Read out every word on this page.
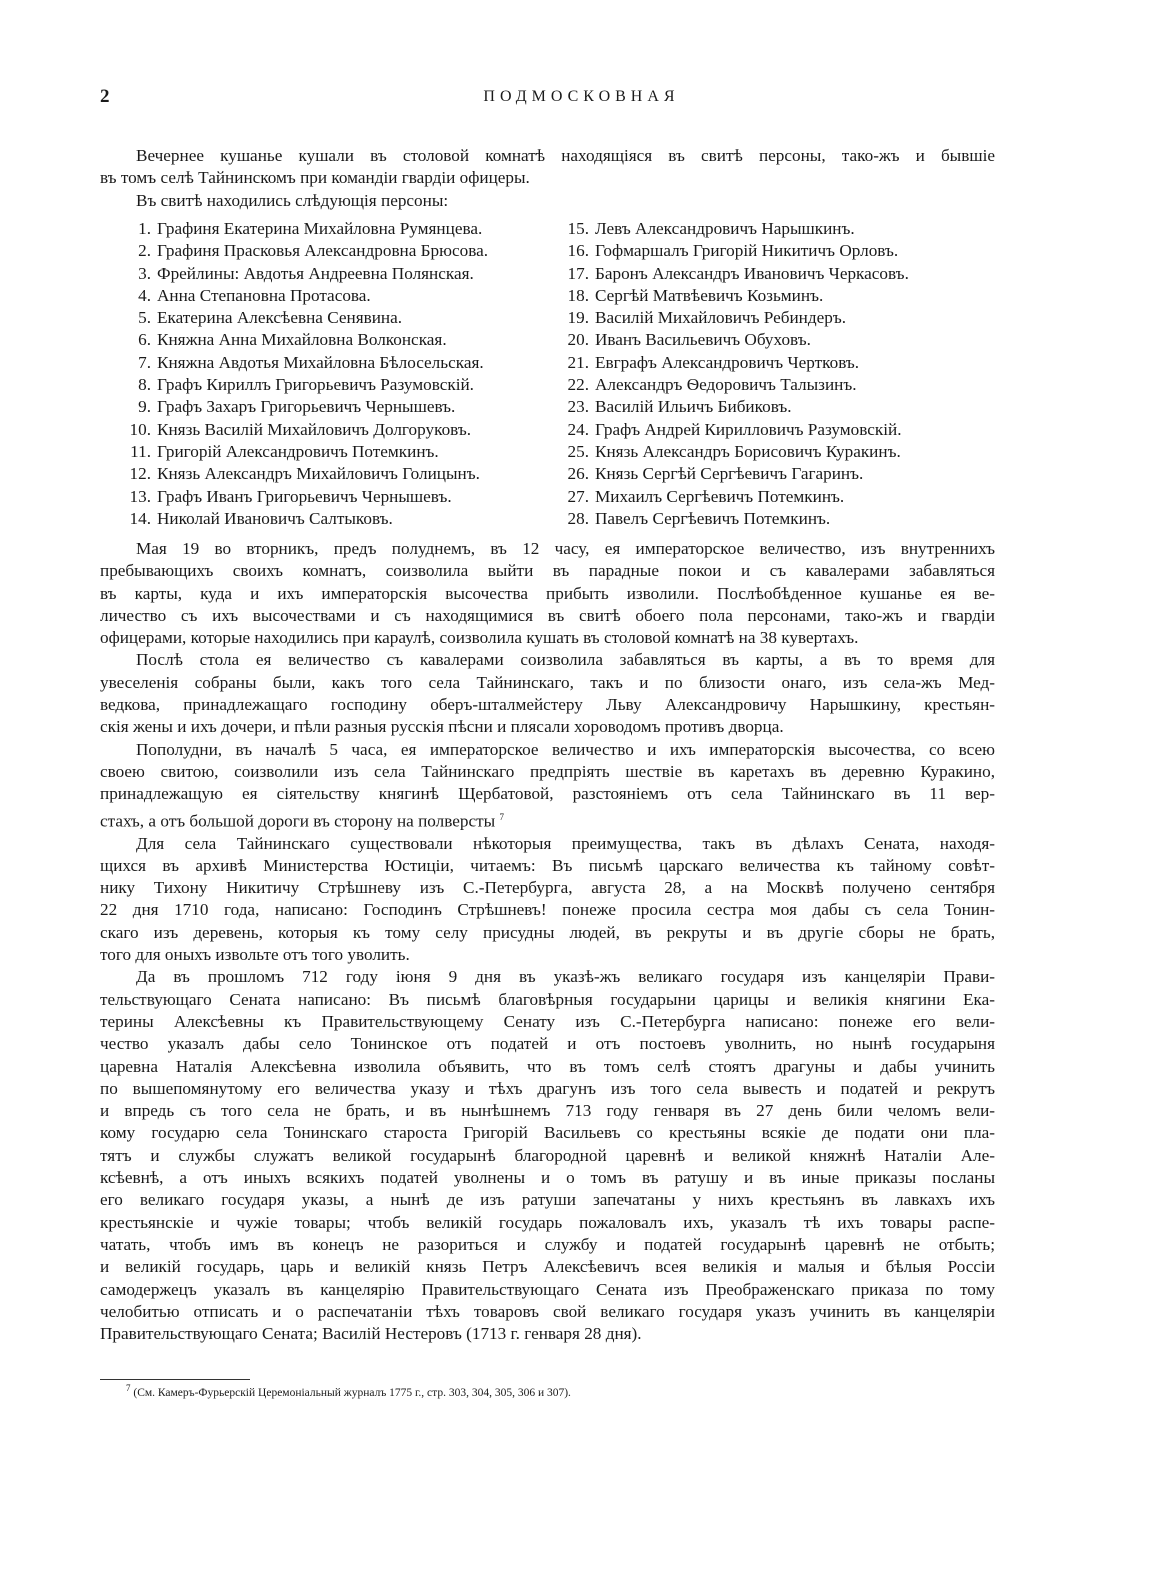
2	ПОДМОСКОВНАЯ
Вечернее кушанье кушали въ столовой комнатѣ находящіяся въ свитѣ персоны, тако-жъ и бывшіе
въ томъ селѣ Тайнинскомъ при командіи гвардіи офицеры.
Въ свитѣ находились слѣдующія персоны:
1. Графиня Екатерина Михайловна Румянцева.
2. Графиня Прасковья Александровна Брюсова.
3. Фрейлины: Авдотья Андреевна Полянская.
4. Анна Степановна Протасова.
5. Екатерина Алексѣевна Сенявина.
6. Княжна Анна Михайловна Волконская.
7. Княжна Авдотья Михайловна Бѣлосельская.
8. Графъ Кириллъ Григорьевичъ Разумовскій.
9. Графъ Захаръ Григорьевичъ Чернышевъ.
10. Князь Василій Михайловичъ Долгоруковъ.
11. Григорій Александровичъ Потемкинъ.
12. Князь Александръ Михайловичъ Голицынъ.
13. Графъ Иванъ Григорьевичъ Чернышевъ.
14. Николай Ивановичъ Салтыковъ.
15. Левъ Александровичъ Нарышкинъ.
16. Гофмаршалъ Григорій Никитичъ Орловъ.
17. Баронъ Александръ Ивановичъ Черкасовъ.
18. Сергѣй Матвѣевичъ Козьминъ.
19. Василій Михайловичъ Ребиндеръ.
20. Иванъ Васильевичъ Обуховъ.
21. Евграфъ Александровичъ Чертковъ.
22. Александръ Ѳедоровичъ Талызинъ.
23. Василій Ильичъ Бибиковъ.
24. Графъ Андрей Кирилловичъ Разумовскій.
25. Князь Александръ Борисовичъ Куракинъ.
26. Князь Сергѣй Сергѣевичъ Гагаринъ.
27. Михаилъ Сергѣевичъ Потемкинъ.
28. Павелъ Сергѣевичъ Потемкинъ.
Мая 19 во вторникъ, предъ полуднемъ, въ 12 часу, ея императорское величество, изъ внутреннихъ
пребывающихъ своихъ комнатъ, соизволила выйти въ парадные покои и съ кавалерами забавляться
въ карты, куда и ихъ императорскія высочества прибыть изволили. Послѣобѣденное кушанье ея ве-
личество съ ихъ высочествами и съ находящимися въ свитѣ обоего пола персонами, тако-жъ и гвардіи
офицерами, которые находились при караулѣ, соизволила кушать въ столовой комнатѣ на 38 кувертахъ.
Послѣ стола ея величество съ кавалерами соизволила забавляться въ карты, а въ то время для
увеселенія собраны были, какъ того села Тайнинскаго, такъ и по близости онаго, изъ села-жъ Мед-
ведкова, принадлежащаго господину оберъ-шталмейстеру Льву Александровичу Нарышкину, крестьян-
скія жены и ихъ дочери, и пѣли разныя русскія пѣсни и плясали хороводомъ противъ дворца.
Пополудни, въ началѣ 5 часа, ея императорское величество и ихъ императорскія высочества, со всею
своею свитою, соизволили изъ села Тайнинскаго предпріять шествіе въ каретахъ въ деревню Куракино,
принадлежащую ея сіятельству княгинѣ Щербатовой, разстояніемъ отъ села Тайнинскаго въ 11 вер-
стахъ, а отъ большой дороги въ сторону на полверсты $^7$
Для села Тайнинскаго существовали нѣкоторыя преимущества, такъ въ дѣлахъ Сената, находя-
щихся въ архивѣ Министерства Юстиціи, читаемъ: Въ письмѣ царскаго величества къ тайному совѣт-
нику Тихону Никитичу Стрѣшневу изъ С.-Петербурга, августа 28, а на Москвѣ получено сентября
22 дня 1710 года, написано: Господинъ Стрѣшневъ! понеже просила сестра моя дабы съ села Тонин-
скаго изъ деревень, которыя къ тому селу присудны людей, въ рекруты и въ другіе сборы не брать,
того для оныхъ извольте отъ того уволить.
Да въ прошломъ 712 году іюня 9 дня въ указѣ-жъ великаго государя изъ канцеляріи Прави-
тельствующаго Сената написано: Въ письмѣ благовѣрныя государыни царицы и великія княгини Ека-
терины Алексѣевны къ Правительствующему Сенату изъ С.-Петербурга написано: понеже его вели-
чество указалъ дабы село Тонинское отъ податей и отъ постоевъ уволнить, но нынѣ государыня
царевна Наталія Алексѣевна изволила объявить, что въ томъ селѣ стоятъ драгуны и дабы учинить
по вышепомянутому его величества указу и тѣхъ драгунъ изъ того села вывесть и податей и рекрутъ
и впредь съ того села не брать, и въ нынѣшнемъ 713 году генваря въ 27 день били челомъ вели-
кому государю села Тонинскаго староста Григорій Васильевъ со крестьяны всякіе де подати они пла-
тятъ и службы служатъ великой государынѣ благородной царевнѣ и великой княжнѣ Наталіи Але-
ксѣевнѣ, а отъ иныхъ всякихъ податей уволнены и о томъ въ ратушу и въ иные приказы посланы
его великаго государя указы, а нынѣ де изъ ратуши запечатаны у нихъ крестьянъ въ лавкахъ ихъ
крестьянскіе и чужіе товары; чтобъ великій государь пожаловалъ ихъ, указалъ тѣ ихъ товары распе-
чатать, чтобъ имъ въ конецъ не разориться и службу и податей государынѣ царевнѣ не отбыть;
и великій государь, царь и великій князь Петръ Алексѣевичъ всея великія и малыя и бѣлыя Россіи
самодержецъ указалъ въ канцелярію Правительствующаго Сената изъ Преображенскаго приказа по тому
челобитью отписать и о распечатаніи тѣхъ товаровъ свой великаго государя указъ учинить въ канцеляріи
Правительствующаго Сената; Василій Нестеровъ (1713 г. генваря 28 дня).
$^7$ (См. Камеръ-Фурьерскій Церемоніальный журналъ 1775 г., стр. 303, 304, 305, 306 и 307).
